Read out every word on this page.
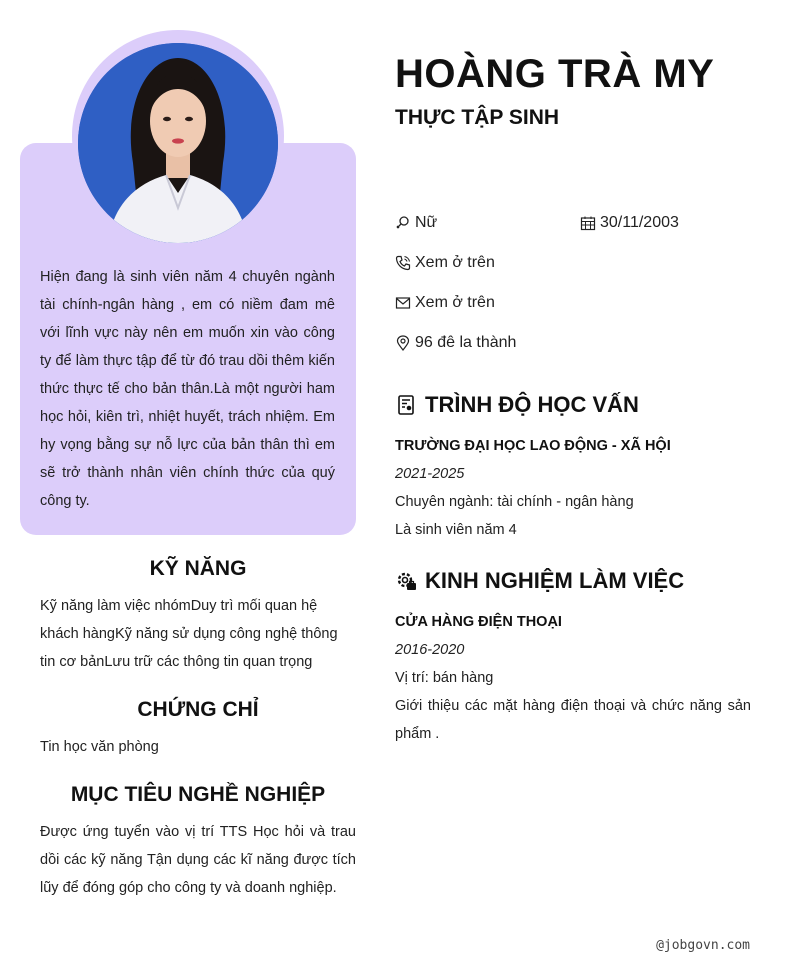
Hiện đang là sinh viên năm 4 chuyên ngành tài chính-ngân hàng , em có niềm đam mê với lĩnh vực này nên em muốn xin vào công ty để làm thực tập để từ đó trau dồi thêm kiến thức thực tế cho bản thân.Là một người ham học hỏi, kiên trì, nhiệt huyết, trách nhiệm. Em hy vọng bằng sự nỗ lực của bản thân thì em sẽ trở thành nhân viên chính thức của quý công ty.

KỸ NĂNG

Kỹ năng làm việc nhómDuy trì mối quan hệ khách hàngKỹ năng sử dụng công nghệ thông tin cơ bảnLưu trữ các thông tin quan trọng

CHỨNG CHỈ

Tin học văn phòng

MỤC TIÊU NGHỀ NGHIỆP

Được ứng tuyển vào vị trí TTS Học hỏi và trau dồi các kỹ năng Tận dụng các kĩ năng được tích lũy để đóng góp cho công ty và doanh nghiệp.

HOÀNG TRÀ MY
THỰC TẬP SINH
Nữ	30/11/2003
Xem ở trên
Xem ở trên
96 đê la thành
TRÌNH ĐỘ HỌC VẤN
TRƯỜNG ĐẠI HỌC LAO ĐỘNG - XÃ HỘI
2021-2025
Chuyên ngành: tài chính - ngân hàng
Là sinh viên năm 4
KINH NGHIỆM LÀM VIỆC
CỬA HÀNG ĐIỆN THOẠI
2016-2020
Vị trí: bán hàng
Giới thiệu các mặt hàng điện thoại và chức năng sản phẩm .
@jobgovn.com
